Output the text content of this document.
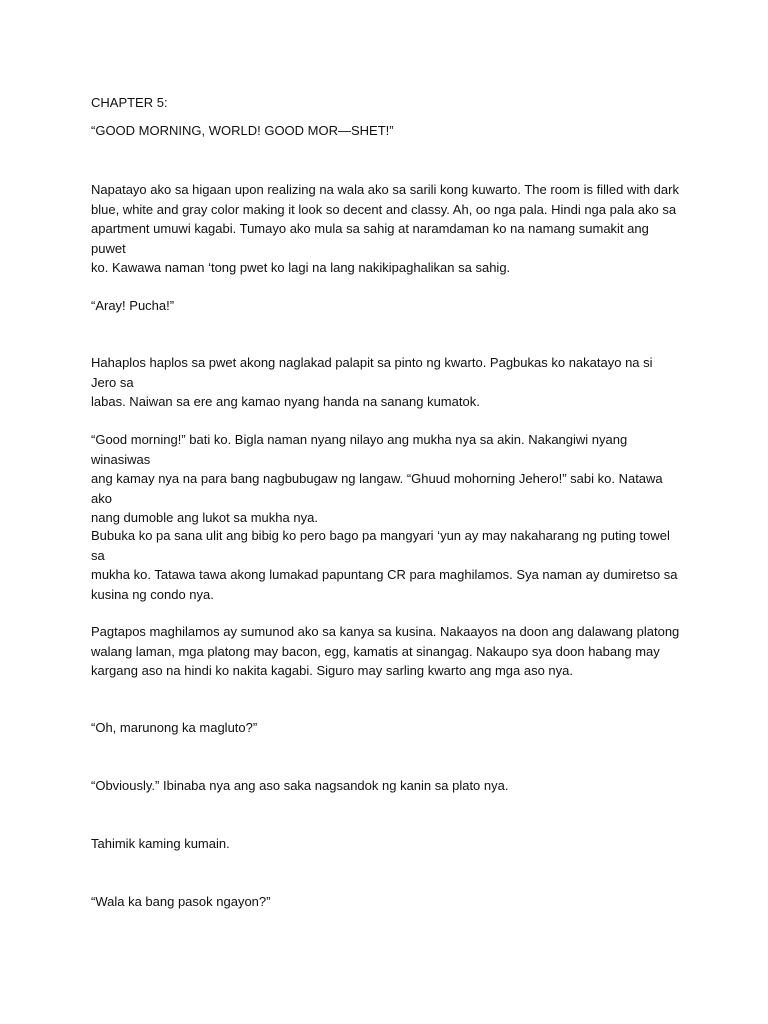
CHAPTER 5:

“GOOD MORNING, WORLD! GOOD MOR—SHET!”

Napatayo ako sa higaan upon realizing na wala ako sa sarili kong kuwarto. The room is filled with dark
blue, white and gray color making it look so decent and classy. Ah, oo nga pala. Hindi nga pala ako sa
apartment umuwi kagabi. Tumayo ako mula sa sahig at naramdaman ko na namang sumakit ang puwet
ko. Kawawa naman ‘tong pwet ko lagi na lang nakikipaghalikan sa sahig.

“Aray! Pucha!”

Hahaplos haplos sa pwet akong naglakad palapit sa pinto ng kwarto. Pagbukas ko nakatayo na si Jero sa
labas. Naiwan sa ere ang kamao nyang handa na sanang kumatok.

“Good morning!” bati ko. Bigla naman nyang nilayo ang mukha nya sa akin. Nakangiwi nyang winasiwas
ang kamay nya na para bang nagbubugaw ng langaw. “Ghuud mohorning Jehero!” sabi ko. Natawa ako
nang dumoble ang lukot sa mukha nya.

Bubuka ko pa sana ulit ang bibig ko pero bago pa mangyari ‘yun ay may nakaharang ng puting towel sa
mukha ko. Tatawa tawa akong lumakad papuntang CR para maghilamos. Sya naman ay dumiretso sa
kusina ng condo nya.

Pagtapos maghilamos ay sumunod ako sa kanya sa kusina. Nakaayos na doon ang dalawang platong
walang laman, mga platong may bacon, egg, kamatis at sinangag. Nakaupo sya doon habang may
kargang aso na hindi ko nakita kagabi. Siguro may sarling kwarto ang mga aso nya.

“Oh, marunong ka magluto?”

“Obviously.” Ibinaba nya ang aso saka nagsandok ng kanin sa plato nya.

Tahimik kaming kumain.

“Wala ka bang pasok ngayon?”
